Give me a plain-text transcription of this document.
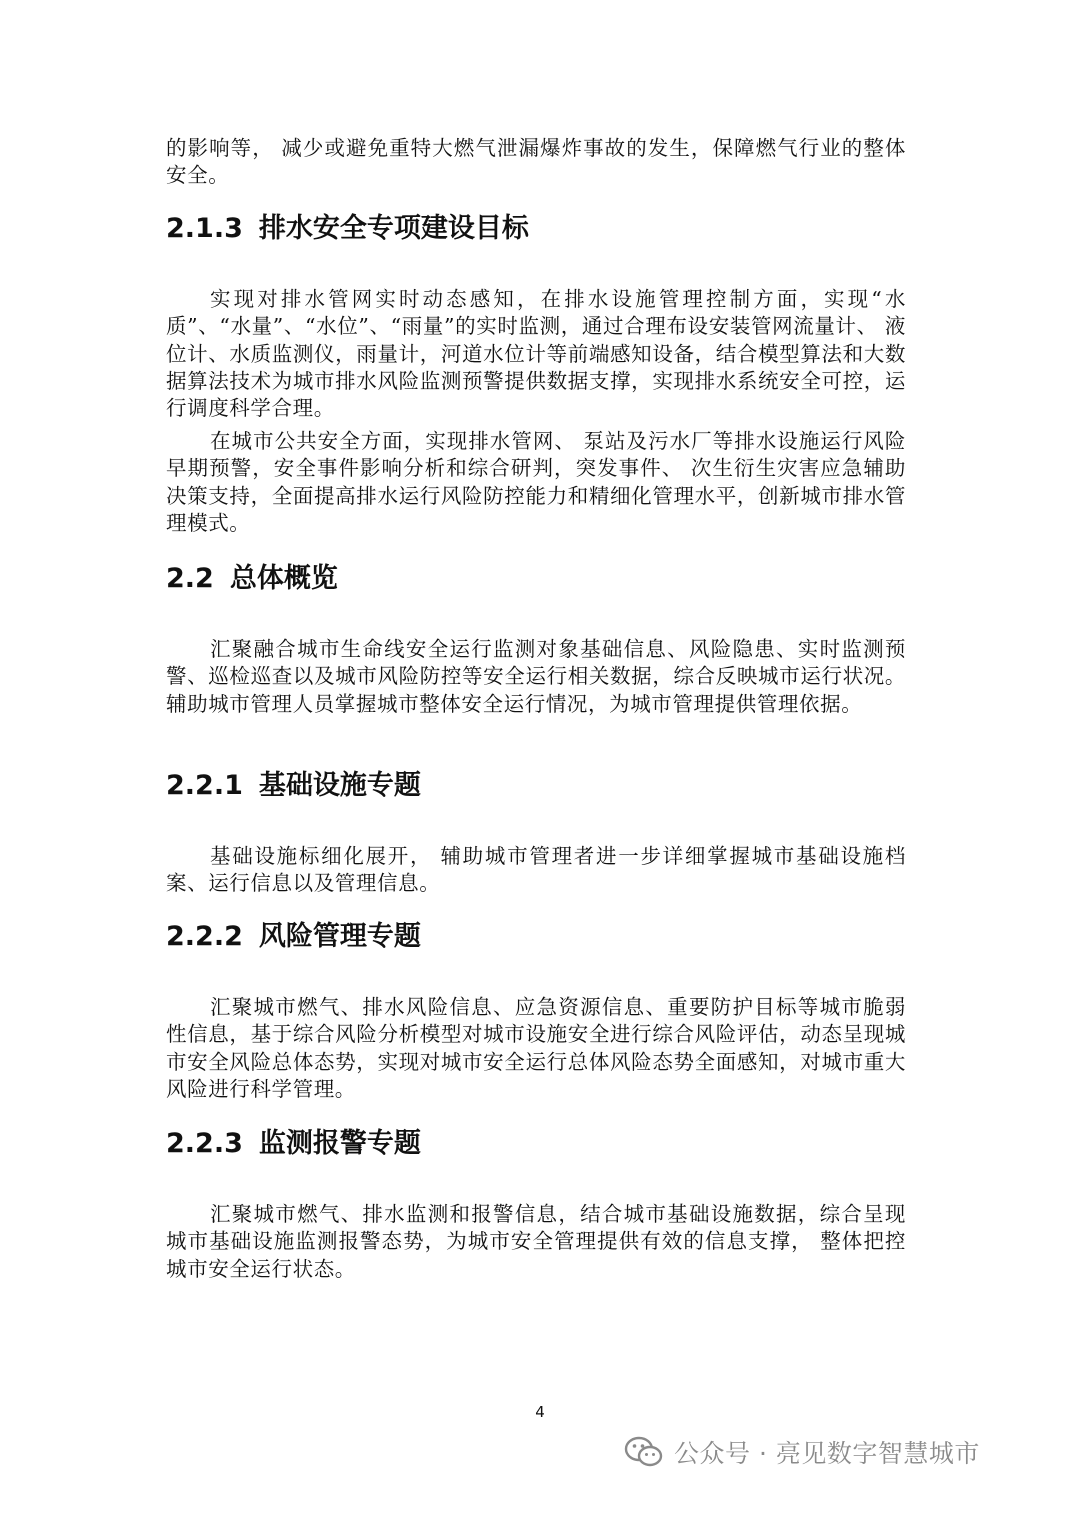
的影响等， 减少或避免重特大燃气泄漏爆炸事故的发生，保障燃气行业的整体安全。

2.1.3 排水安全专项建设目标

实现对排水管网实时动态感知，在排水设施管理控制方面，实现“水质”、“水量”、“水位”、“雨量”的实时监测，通过合理布设安装管网流量计、 液位计、水质监测仪，雨量计，河道水位计等前端感知设备，结合模型算法和大数据算法技术为城市排水风险监测预警提供数据支撑，实现排水系统安全可控，运行调度科学合理。

在城市公共安全方面，实现排水管网、 泵站及污水厂等排水设施运行风险早期预警，安全事件影响分析和综合研判，突发事件、 次生衍生灾害应急辅助决策支持，全面提高排水运行风险防控能力和精细化管理水平，创新城市排水管理模式。

2.2 总体概览

汇聚融合城市生命线安全运行监测对象基础信息、风险隐患、实时监测预警、巡检巡查以及城市风险防控等安全运行相关数据，综合反映城市运行状况。辅助城市管理人员掌握城市整体安全运行情况，为城市管理提供管理依据。

2.2.1 基础设施专题

基础设施标细化展开， 辅助城市管理者进一步详细掌握城市基础设施档案、运行信息以及管理信息。

2.2.2 风险管理专题

汇聚城市燃气、排水风险信息、应急资源信息、重要防护目标等城市脆弱性信息，基于综合风险分析模型对城市设施安全进行综合风险评估，动态呈现城市安全风险总体态势，实现对城市安全运行总体风险态势全面感知，对城市重大风险进行科学管理。

2.2.3 监测报警专题

汇聚城市燃气、排水监测和报警信息，结合城市基础设施数据，综合呈现城市基础设施监测报警态势，为城市安全管理提供有效的信息支撑， 整体把控城市安全运行状态。

4
公众号 · 亮见数字智慧城市
